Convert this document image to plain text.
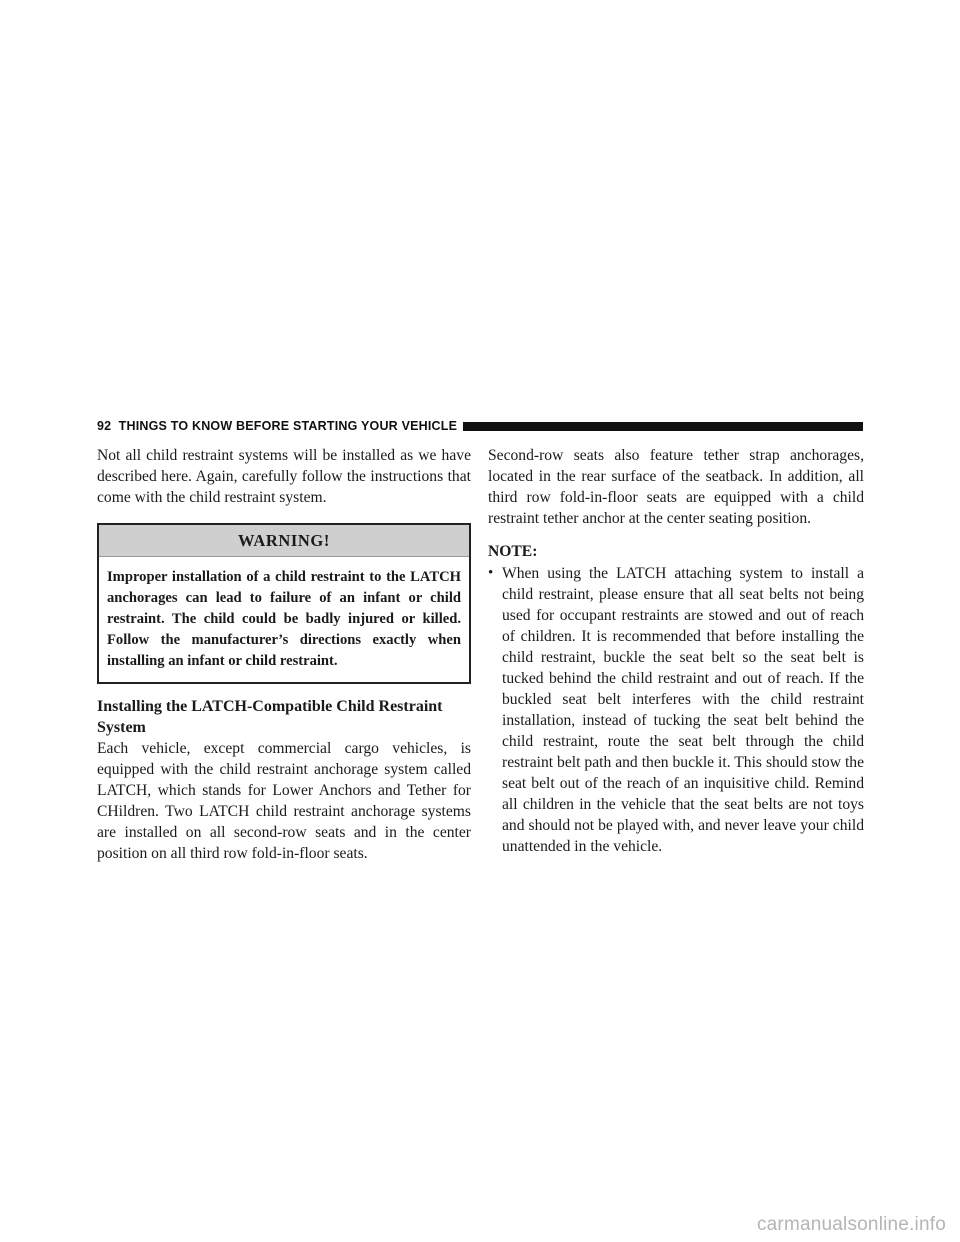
92 THINGS TO KNOW BEFORE STARTING YOUR VEHICLE

Not all child restraint systems will be installed as we have described here. Again, carefully follow the instructions that come with the child restraint system.

WARNING!
Improper installation of a child restraint to the LATCH anchorages can lead to failure of an infant or child restraint. The child could be badly injured or killed. Follow the manufacturer’s directions exactly when installing an infant or child restraint.
Installing the LATCH-Compatible Child Restraint System

Each vehicle, except commercial cargo vehicles, is equipped with the child restraint anchorage system called LATCH, which stands for Lower Anchors and Tether for CHildren. Two LATCH child restraint anchorage systems are installed on all second-row seats and in the center position on all third row fold-in-floor seats.

Second-row seats also feature tether strap anchorages, located in the rear surface of the seatback. In addition, all third row fold-in-floor seats are equipped with a child restraint tether anchor at the center seating position.

NOTE:
• When using the LATCH attaching system to install a child restraint, please ensure that all seat belts not being used for occupant restraints are stowed and out of reach of children. It is recommended that before installing the child restraint, buckle the seat belt so the seat belt is tucked behind the child restraint and out of reach. If the buckled seat belt interferes with the child restraint installation, instead of tucking the seat belt behind the child restraint, route the seat belt through the child restraint belt path and then buckle it. This should stow the seat belt out of the reach of an inquisitive child. Remind all children in the vehicle that the seat belts are not toys and should not be played with, and never leave your child unattended in the vehicle.
carmanualsonline.info
